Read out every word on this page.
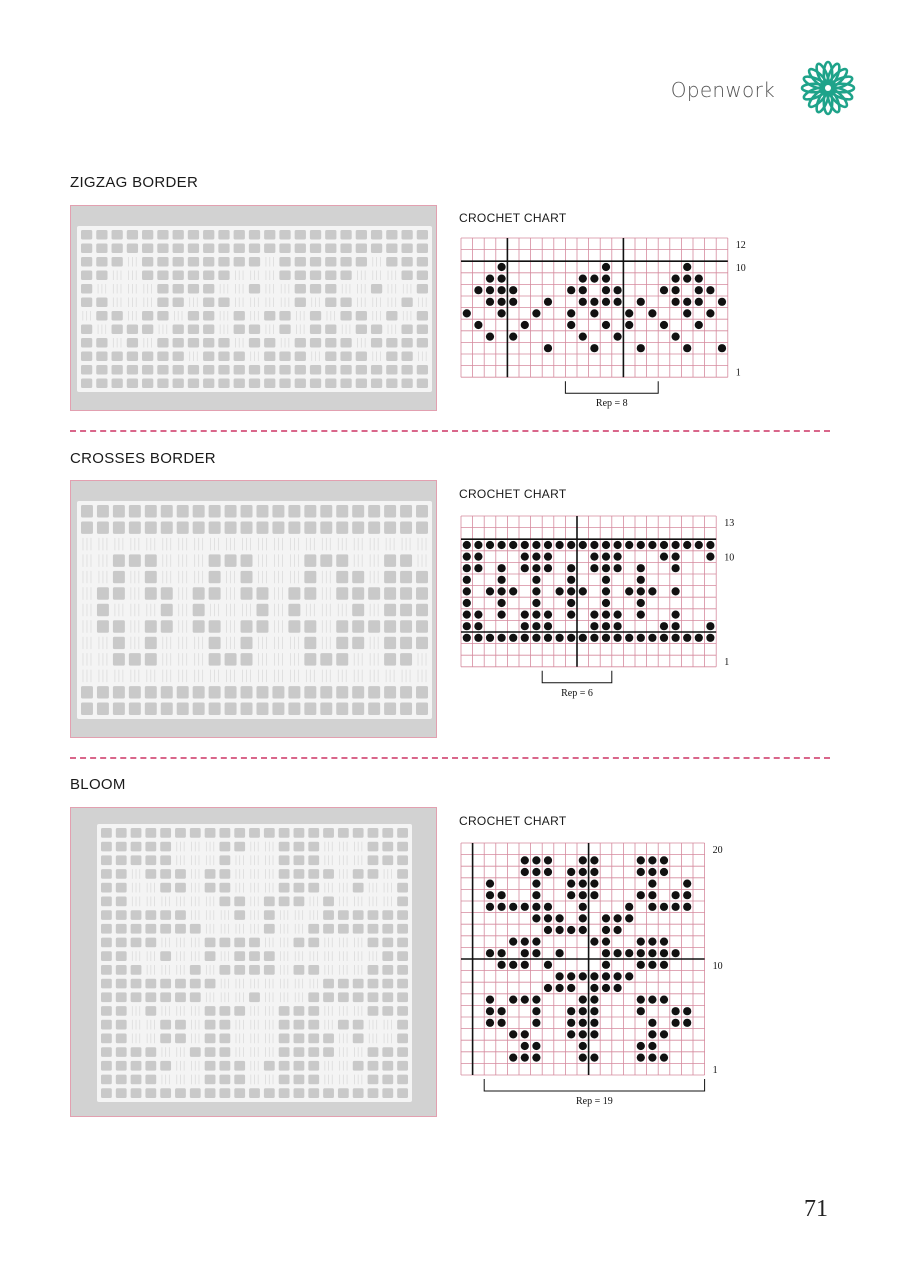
Openwork
ZIGZAG BORDER
CROCHET CHART
12
10
1
Rep = 8
CROSSES BORDER
CROCHET CHART
13
10
1
Rep = 6
BLOOM
CROCHET CHART
20
10
1
Rep = 19
71
